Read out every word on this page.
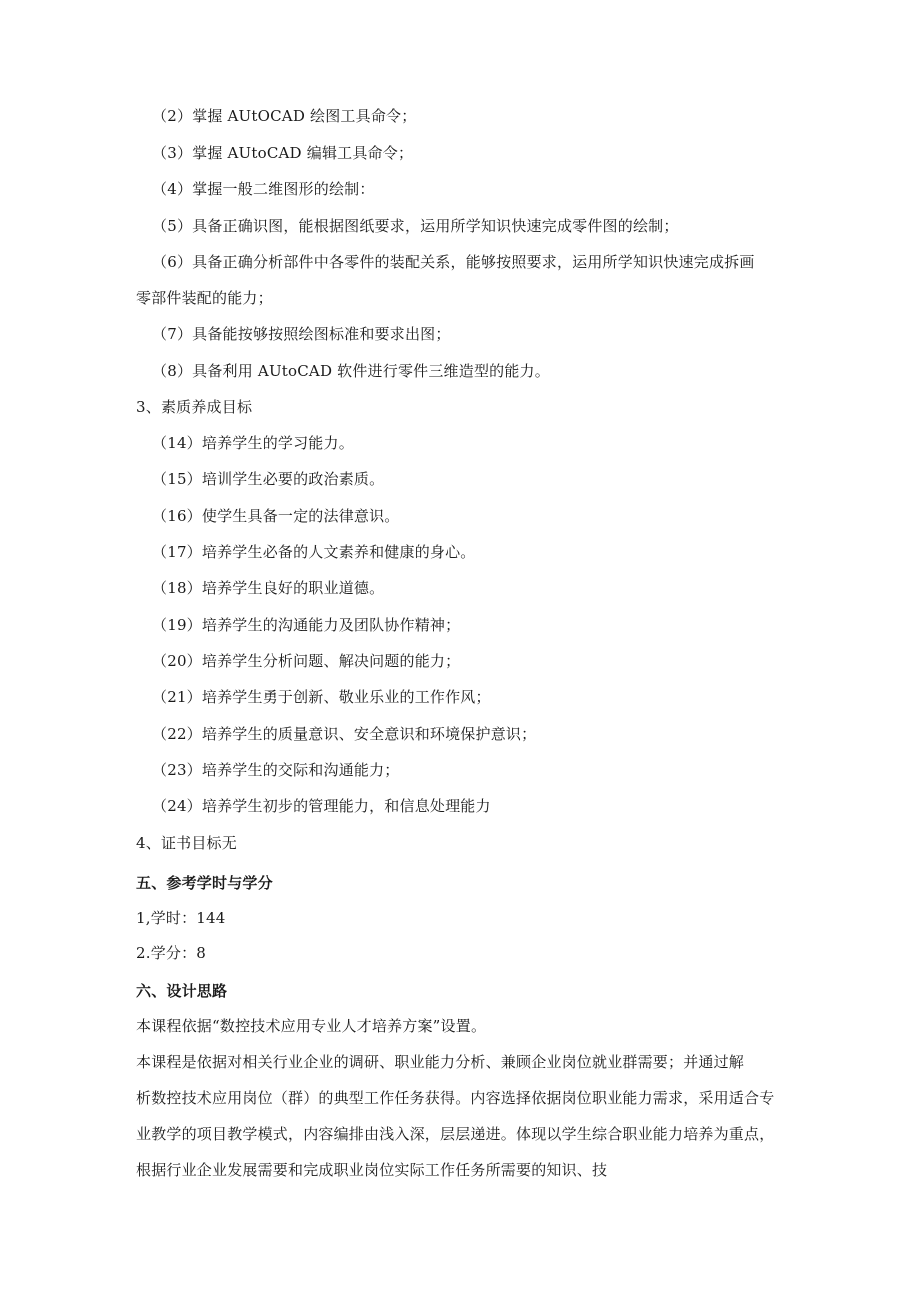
（2）掌握 AUtOCAD 绘图工具命令；
（3）掌握 AUtoCAD 编辑工具命令；
（4）掌握一般二维图形的绘制：
（5）具备正确识图，能根据图纸要求，运用所学知识快速完成零件图的绘制；
（6）具备正确分析部件中各零件的装配关系，能够按照要求，运用所学知识快速完成拆画
零部件装配的能力；
（7）具备能按够按照绘图标准和要求出图；
（8）具备利用 AUtoCAD 软件进行零件三维造型的能力。
3、素质养成目标
（14）培养学生的学习能力。
（15）培训学生必要的政治素质。
（16）使学生具备一定的法律意识。
（17）培养学生必备的人文素养和健康的身心。
（18）培养学生良好的职业道德。
（19）培养学生的沟通能力及团队协作精神；
（20）培养学生分析问题、解决问题的能力；
（21）培养学生勇于创新、敬业乐业的工作作风；
（22）培养学生的质量意识、安全意识和环境保护意识；
（23）培养学生的交际和沟通能力；
（24）培养学生初步的管理能力，和信息处理能力
4、证书目标无
五、参考学时与学分
1,学时：144
2.学分：8
六、设计思路
本课程依据“数控技术应用专业人才培养方案”设置。
本课程是依据对相关行业企业的调研、职业能力分析、兼顾企业岗位就业群需要；并通过解
析数控技术应用岗位（群）的典型工作任务获得。内容选择依据岗位职业能力需求，采用适合专
业教学的项目教学模式，内容编排由浅入深，层层递进。体现以学生综合职业能力培养为重点，
根据行业企业发展需要和完成职业岗位实际工作任务所需要的知识、技
